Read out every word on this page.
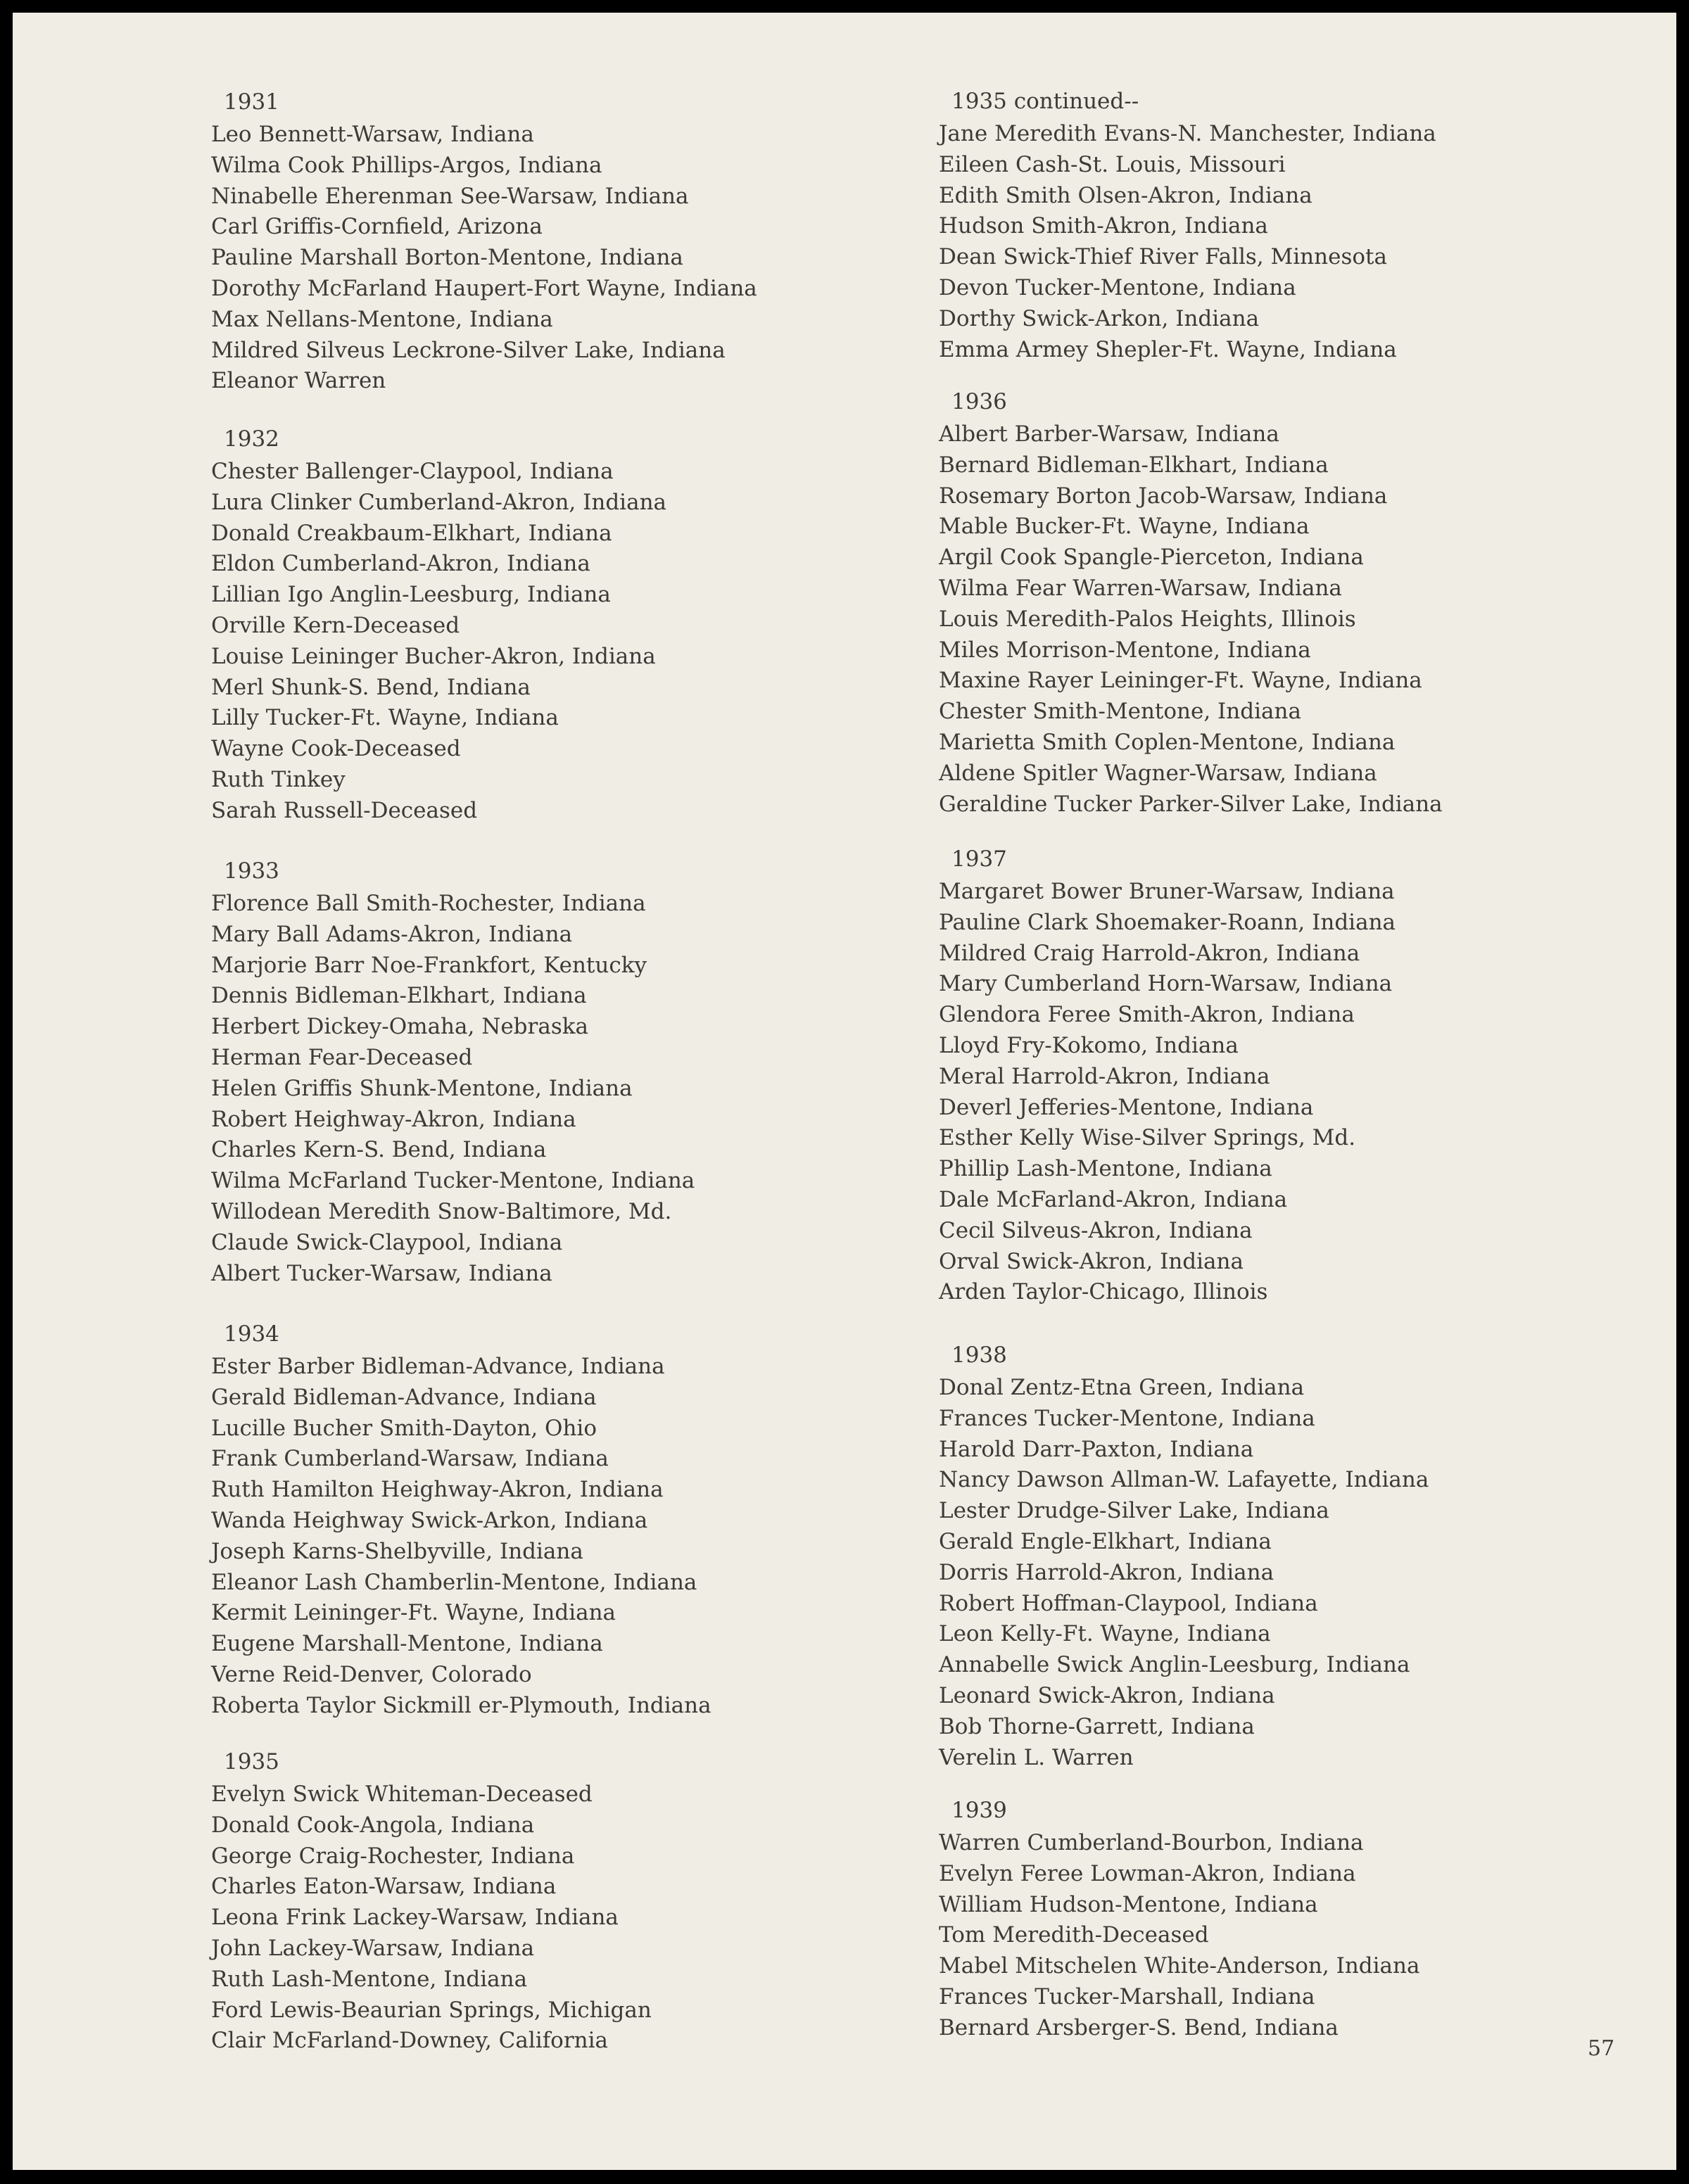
1931
Leo Bennett-Warsaw, Indiana
Wilma Cook Phillips-Argos, Indiana
Ninabelle Eherenman See-Warsaw, Indiana
Carl Griffis-Cornfield, Arizona
Pauline Marshall Borton-Mentone, Indiana
Dorothy McFarland Haupert-Fort Wayne, Indiana
Max Nellans-Mentone, Indiana
Mildred Silveus Leckrone-Silver Lake, Indiana
Eleanor Warren
1932
Chester Ballenger-Claypool, Indiana
Lura Clinker Cumberland-Akron, Indiana
Donald Creakbaum-Elkhart, Indiana
Eldon Cumberland-Akron, Indiana
Lillian Igo Anglin-Leesburg, Indiana
Orville Kern-Deceased
Louise Leininger Bucher-Akron, Indiana
Merl Shunk-S. Bend, Indiana
Lilly Tucker-Ft. Wayne, Indiana
Wayne Cook-Deceased
Ruth Tinkey
Sarah Russell-Deceased
1933
Florence Ball Smith-Rochester, Indiana
Mary Ball Adams-Akron, Indiana
Marjorie Barr Noe-Frankfort, Kentucky
Dennis Bidleman-Elkhart, Indiana
Herbert Dickey-Omaha, Nebraska
Herman Fear-Deceased
Helen Griffis Shunk-Mentone, Indiana
Robert Heighway-Akron, Indiana
Charles Kern-S. Bend, Indiana
Wilma McFarland Tucker-Mentone, Indiana
Willodean Meredith Snow-Baltimore, Md.
Claude Swick-Claypool, Indiana
Albert Tucker-Warsaw, Indiana
1934
Ester Barber Bidleman-Advance, Indiana
Gerald Bidleman-Advance, Indiana
Lucille Bucher Smith-Dayton, Ohio
Frank Cumberland-Warsaw, Indiana
Ruth Hamilton Heighway-Akron, Indiana
Wanda Heighway Swick-Arkon, Indiana
Joseph Karns-Shelbyville, Indiana
Eleanor Lash Chamberlin-Mentone, Indiana
Kermit Leininger-Ft. Wayne, Indiana
Eugene Marshall-Mentone, Indiana
Verne Reid-Denver, Colorado
Roberta Taylor Sickmill er-Plymouth, Indiana
1935
Evelyn Swick Whiteman-Deceased
Donald Cook-Angola, Indiana
George Craig-Rochester, Indiana
Charles Eaton-Warsaw, Indiana
Leona Frink Lackey-Warsaw, Indiana
John Lackey-Warsaw, Indiana
Ruth Lash-Mentone, Indiana
Ford Lewis-Beaurian Springs, Michigan
Clair McFarland-Downey, California
1935 continued--
Jane Meredith Evans-N. Manchester, Indiana
Eileen Cash-St. Louis, Missouri
Edith Smith Olsen-Akron, Indiana
Hudson Smith-Akron, Indiana
Dean Swick-Thief River Falls, Minnesota
Devon Tucker-Mentone, Indiana
Dorthy Swick-Arkon, Indiana
Emma Armey Shepler-Ft. Wayne, Indiana
1936
Albert Barber-Warsaw, Indiana
Bernard Bidleman-Elkhart, Indiana
Rosemary Borton Jacob-Warsaw, Indiana
Mable Bucker-Ft. Wayne, Indiana
Argil Cook Spangle-Pierceton, Indiana
Wilma Fear Warren-Warsaw, Indiana
Louis Meredith-Palos Heights, Illinois
Miles Morrison-Mentone, Indiana
Maxine Rayer Leininger-Ft. Wayne, Indiana
Chester Smith-Mentone, Indiana
Marietta Smith Coplen-Mentone, Indiana
Aldene Spitler Wagner-Warsaw, Indiana
Geraldine Tucker Parker-Silver Lake, Indiana
1937
Margaret Bower Bruner-Warsaw, Indiana
Pauline Clark Shoemaker-Roann, Indiana
Mildred Craig Harrold-Akron, Indiana
Mary Cumberland Horn-Warsaw, Indiana
Glendora Feree Smith-Akron, Indiana
Lloyd Fry-Kokomo, Indiana
Meral Harrold-Akron, Indiana
Deverl Jefferies-Mentone, Indiana
Esther Kelly Wise-Silver Springs, Md.
Phillip Lash-Mentone, Indiana
Dale McFarland-Akron, Indiana
Cecil Silveus-Akron, Indiana
Orval Swick-Akron, Indiana
Arden Taylor-Chicago, Illinois
1938
Donal Zentz-Etna Green, Indiana
Frances Tucker-Mentone, Indiana
Harold Darr-Paxton, Indiana
Nancy Dawson Allman-W. Lafayette, Indiana
Lester Drudge-Silver Lake, Indiana
Gerald Engle-Elkhart, Indiana
Dorris Harrold-Akron, Indiana
Robert Hoffman-Claypool, Indiana
Leon Kelly-Ft. Wayne, Indiana
Annabelle Swick Anglin-Leesburg, Indiana
Leonard Swick-Akron, Indiana
Bob Thorne-Garrett, Indiana
Verelin L. Warren
1939
Warren Cumberland-Bourbon, Indiana
Evelyn Feree Lowman-Akron, Indiana
William Hudson-Mentone, Indiana
Tom Meredith-Deceased
Mabel Mitschelen White-Anderson, Indiana
Frances Tucker-Marshall, Indiana
Bernard Arsberger-S. Bend, Indiana
57
